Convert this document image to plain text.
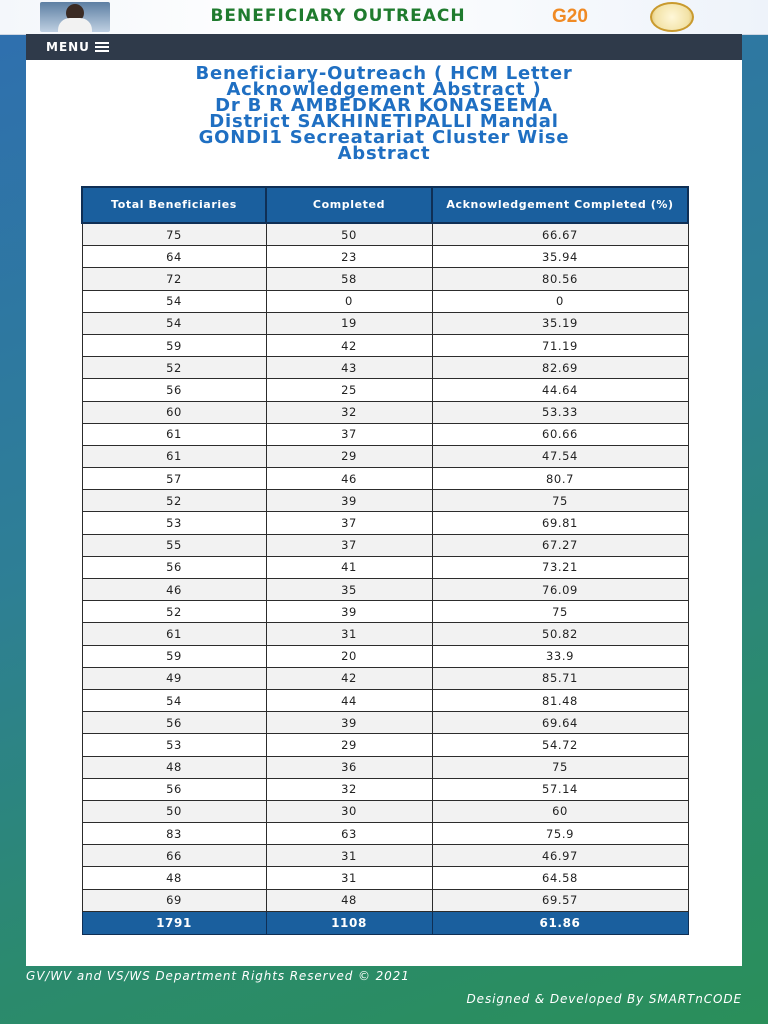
BENEFICIARY OUTREACH	G20
MENU
Beneficiary-Outreach ( HCM Letter
Acknowledgement Abstract )
Dr B R AMBEDKAR KONASEEMA
District SAKHINETIPALLI Mandal
GONDI1 Secreatariat Cluster Wise
Abstract
Total Beneficiaries	Completed	Acknowledgement Completed (%)
75	50	66.67
64	23	35.94
72	58	80.56
54	0	0
54	19	35.19
59	42	71.19
52	43	82.69
56	25	44.64
60	32	53.33
61	37	60.66
61	29	47.54
57	46	80.7
52	39	75
53	37	69.81
55	37	67.27
56	41	73.21
46	35	76.09
52	39	75
61	31	50.82
59	20	33.9
49	42	85.71
54	44	81.48
56	39	69.64
53	29	54.72
48	36	75
56	32	57.14
50	30	60
83	63	75.9
66	31	46.97
48	31	64.58
69	48	69.57
1791	1108	61.86
GV/WV and VS/WS Department Rights Reserved © 2021
Designed & Developed By SMARTnCODE
